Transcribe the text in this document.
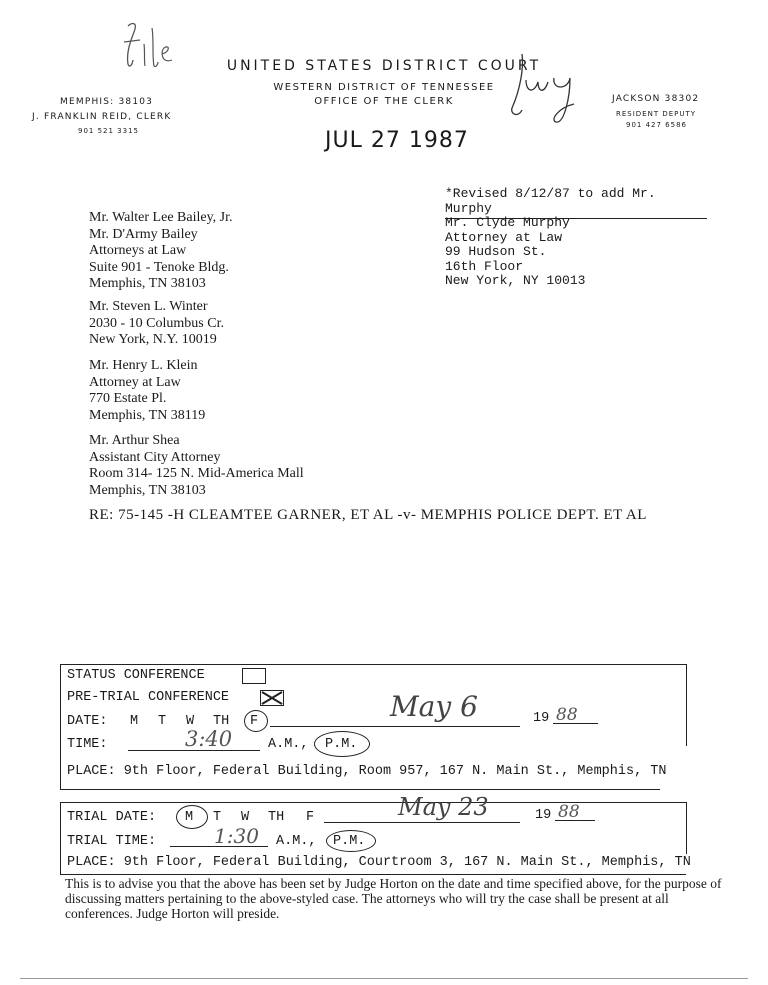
File
UNITED STATES DISTRICT COURT
WESTERN DISTRICT OF TENNESSEE
OFFICE OF THE CLERK
MEMPHIS: 38103
J. FRANKLIN REID, CLERK
901 521 3315
JACKSON 38302
RESIDENT DEPUTY
901 427 6586
Jug
JUL 27 1987
*Revised 8/12/87 to add Mr. Murphy
Mr. Walter Lee Bailey, Jr.
Mr. D'Army Bailey
Attorneys at Law
Suite 901 - Tenoke Bldg.
Memphis, TN 38103
Mr. Steven L. Winter
2030 - 10 Columbus Cr.
New York, N.Y. 10019
Mr. Henry L. Klein
Attorney at Law
770 Estate Pl.
Memphis, TN 38119
Mr. Arthur Shea
Assistant City Attorney
Room 314- 125 N. Mid-America Mall
Memphis, TN 38103
Mr. Clyde Murphy
Attorney at Law
99 Hudson St.
16th Floor
New York, NY 10013
RE: 75-145 -H CLEAMTEE GARNER, ET AL -v- MEMPHIS POLICE DEPT. ET AL
STATUS CONFERENCE
PRE-TRIAL CONFERENCE
DATE: M T W TH F	May 6	19 88
TIME:	3:40	A.M., P.M.
PLACE: 9th Floor, Federal Building, Room 957, 167 N. Main St., Memphis, TN
TRIAL DATE: M T W TH F	May 23	19 88
TRIAL TIME:	1:30 A.M., P.M.
PLACE: 9th Floor, Federal Building, Courtroom 3, 167 N. Main St., Memphis, TN
This is to advise you that the above has been set by Judge Horton on the date and time specified above, for the purpose of discussing matters pertaining to the above-styled case. The attorneys who will try the case shall be present at all conferences. Judge Horton will preside.
